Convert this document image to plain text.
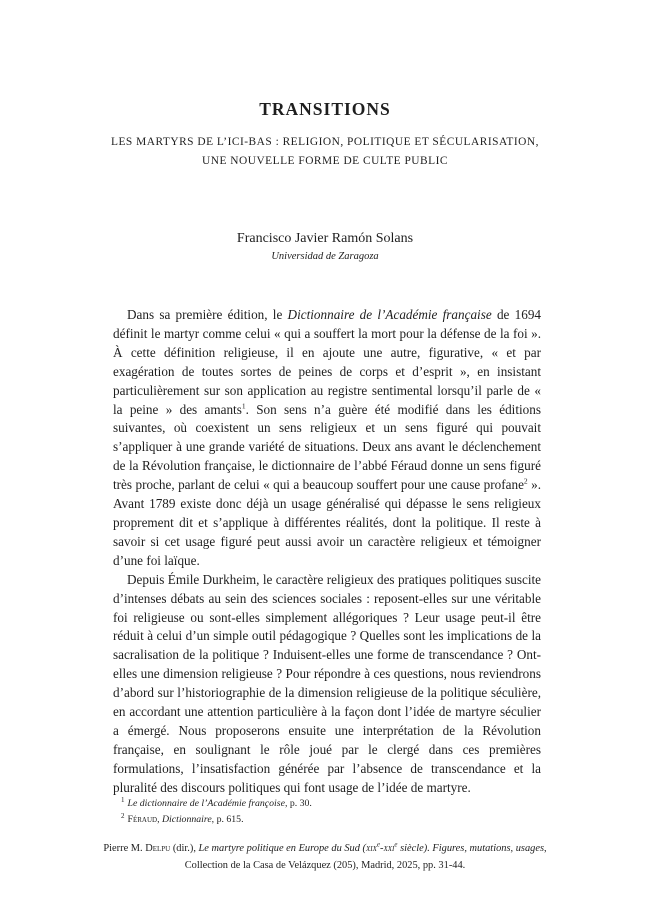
TRANSITIONS
LES MARTYRS DE L’ICI-BAS : RELIGION, POLITIQUE ET SÉCULARISATION,
UNE NOUVELLE FORME DE CULTE PUBLIC
Francisco Javier Ramón Solans
Universidad de Zaragoza

Dans sa première édition, le Dictionnaire de l’Académie française de 1694 définit le martyr comme celui « qui a souffert la mort pour la défense de la foi ». À cette définition religieuse, il en ajoute une autre, figurative, « et par exagération de toutes sortes de peines de corps et d’esprit », en insistant particulièrement sur son application au registre sentimental lorsqu’il parle de « la peine » des amants$^1$. Son sens n’a guère été modifié dans les éditions suivantes, où coexistent un sens religieux et un sens figuré qui pouvait s’appliquer à une grande variété de situations. Deux ans avant le déclenchement de la Révolution française, le dictionnaire de l’abbé Féraud donne un sens figuré très proche, parlant de celui « qui a beaucoup souffert pour une cause profane$^2$ ». Avant 1789 existe donc déjà un usage généralisé qui dépasse le sens religieux proprement dit et s’applique à différentes réalités, dont la politique. Il reste à savoir si cet usage figuré peut aussi avoir un caractère religieux et témoigner d’une foi laïque.

Depuis Émile Durkheim, le caractère religieux des pratiques politiques suscite d’intenses débats au sein des sciences sociales : reposent-elles sur une véritable foi religieuse ou sont-elles simplement allégoriques ? Leur usage peut-il être réduit à celui d’un simple outil pédagogique ? Quelles sont les implications de la sacralisation de la politique ? Induisent-elles une forme de transcendance ? Ont-elles une dimension religieuse ? Pour répondre à ces questions, nous reviendrons d’abord sur l’historiographie de la dimension religieuse de la politique séculière, en accordant une attention particulière à la façon dont l’idée de martyre séculier a émergé. Nous proposerons ensuite une interprétation de la Révolution française, en soulignant le rôle joué par le clergé dans ces premières formulations, l’insatisfaction générée par l’absence de transcendance et la pluralité des discours politiques qui font usage de l’idée de martyre.

$^1$ Le dictionnaire de l’Académie françoise, p. 30.
$^2$ Féraud, Dictionnaire, p. 615.
Pierre M. Delpu (dir.), Le martyre politique en Europe du Sud (xix$^e$-xxi$^e$ siècle). Figures, mutations, usages,
Collection de la Casa de Velázquez (205), Madrid, 2025, pp. 31-44.
